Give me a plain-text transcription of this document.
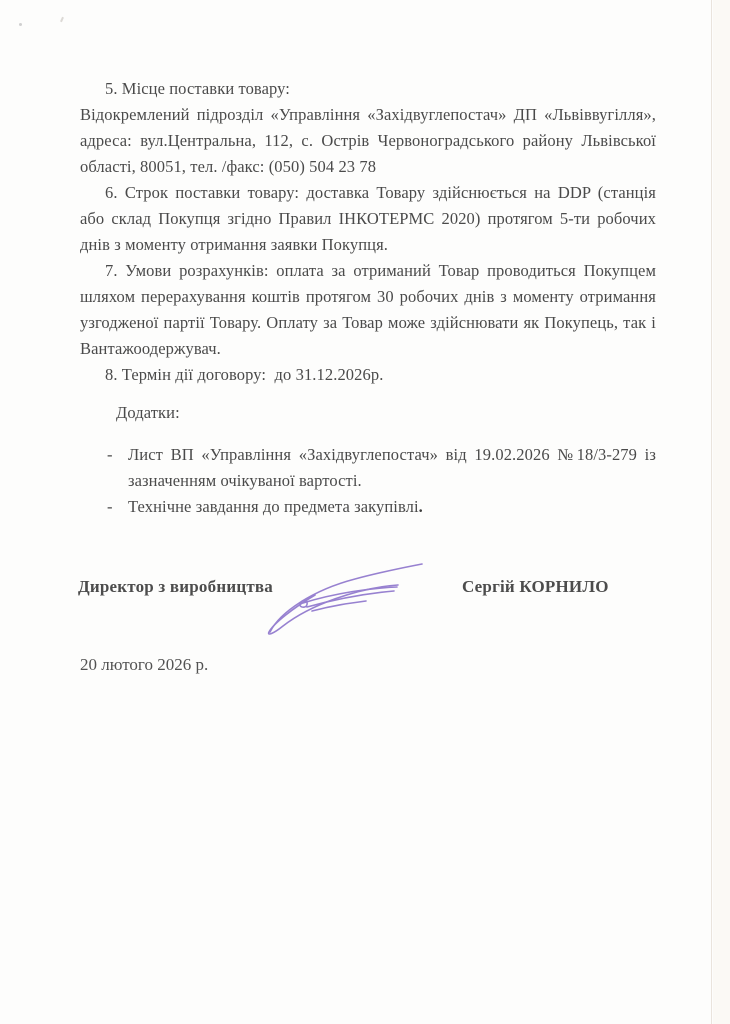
5. Місце поставки товару:

Відокремлений підрозділ «Управління «Західвуглепостач» ДП «Львіввугілля», адреса: вул.Центральна, 112, с. Острів Червоноградського району Львівської області, 80051, тел. /факс: (050) 504 23 78

6. Строк поставки товару: доставка Товару здійснюється на DDP (станція або склад Покупця згідно Правил ІНКОТЕРМС 2020) протягом 5-ти робочих днів з моменту отримання заявки Покупця.

7. Умови розрахунків: оплата за отриманий Товар проводиться Покупцем шляхом перерахування коштів протягом 30 робочих днів з моменту отримання узгодженої партії Товару. Оплату за Товар може здійснювати як Покупець, так і Вантажоодержувач.

8. Термін дії договору:  до 31.12.2026р.

Додатки:

- Лист ВП «Управління «Західвуглепостач» від 19.02.2026 №18/3-279 із зазначенням очікуваної вартості.
- Технічне завдання до предмета закупівлі.
Директор з виробництва	Сергій КОРНИЛО
20 лютого 2026 р.
